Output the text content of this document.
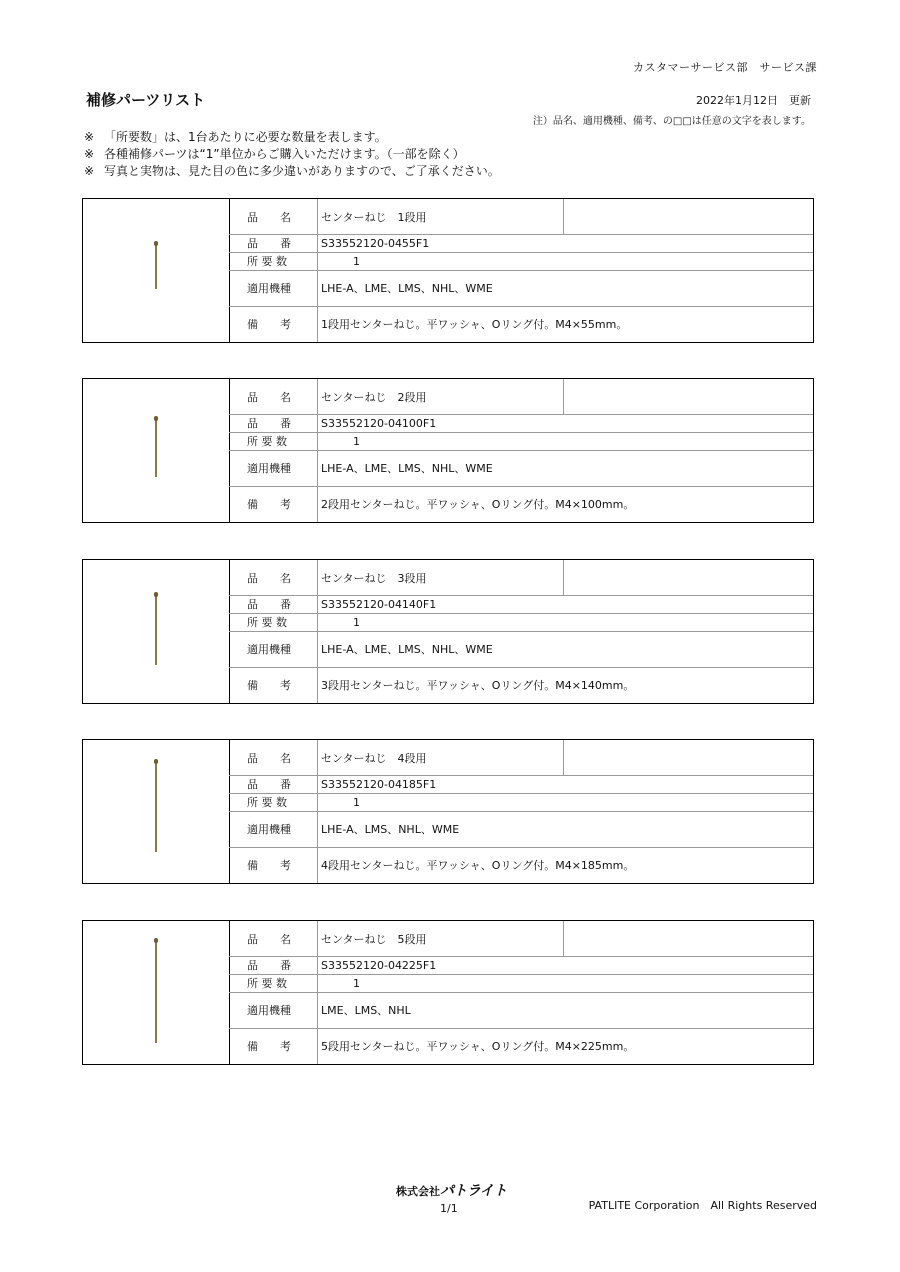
カスタマーサービス部　サービス課
補修パーツリスト	2022年1月12日　更新
注）品名、適用機種、備考、の□□は任意の文字を表します。
※ 「所要数」は、1台あたりに必要な数量を表します。
※ 各種補修パーツは“1”単位からご購入いただけます。（一部を除く）
※ 写真と実物は、見た目の色に多少違いがありますので、ご了承ください。
品　　名	センターねじ　1段用
品　　番	S33552120-0455F1
所 要 数	1
適用機種	LHE-A、LME、LMS、NHL、WME
備　　考	1段用センターねじ。平ワッシャ、Oリング付。M4×55mm。
品　　名	センターねじ　2段用
品　　番	S33552120-04100F1
所 要 数	1
適用機種	LHE-A、LME、LMS、NHL、WME
備　　考	2段用センターねじ。平ワッシャ、Oリング付。M4×100mm。
品　　名	センターねじ　3段用
品　　番	S33552120-04140F1
所 要 数	1
適用機種	LHE-A、LME、LMS、NHL、WME
備　　考	3段用センターねじ。平ワッシャ、Oリング付。M4×140mm。
品　　名	センターねじ　4段用
品　　番	S33552120-04185F1
所 要 数	1
適用機種	LHE-A、LMS、NHL、WME
備　　考	4段用センターねじ。平ワッシャ、Oリング付。M4×185mm。
品　　名	センターねじ　5段用
品　　番	S33552120-04225F1
所 要 数	1
適用機種	LME、LMS、NHL
備　　考	5段用センターねじ。平ワッシャ、Oリング付。M4×225mm。
株式会社パトライト
1/1	PATLITE Corporation　All Rights Reserved
